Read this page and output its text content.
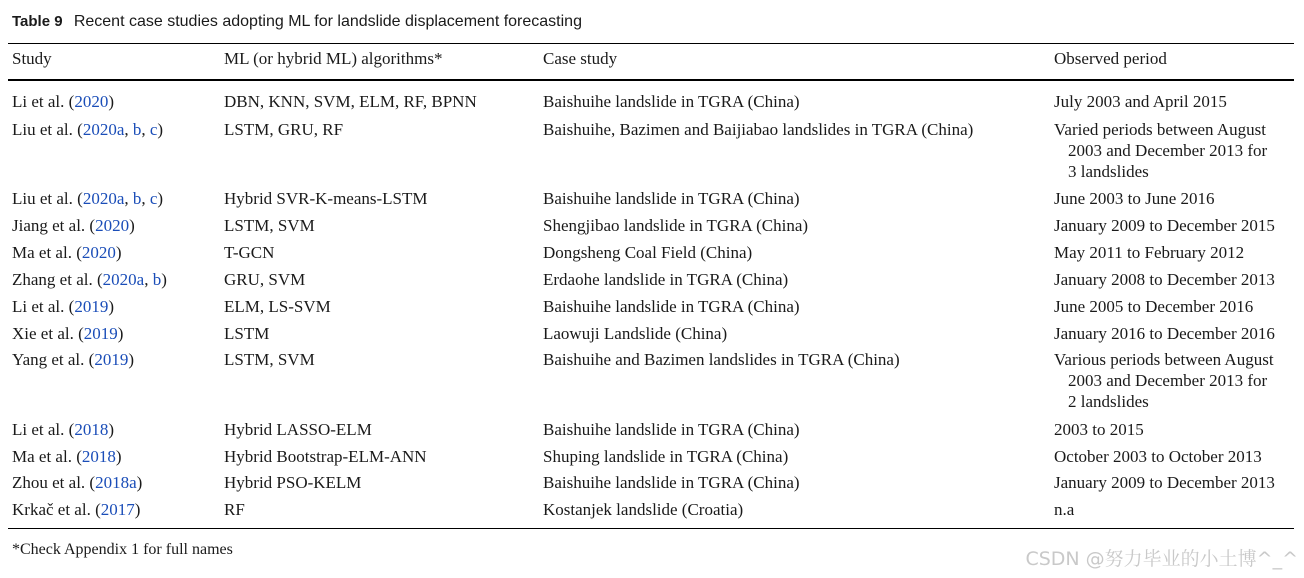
Table 9 Recent case studies adopting ML for landslide displacement forecasting
Study	ML (or hybrid ML) algorithms*	Case study	Observed period
Li et al. (2020)	DBN, KNN, SVM, ELM, RF, BPNN	Baishuihe landslide in TGRA (China)	July 2003 and April 2015
Liu et al. (2020a, b, c)	LSTM, GRU, RF	Baishuihe, Bazimen and Baijiabao landslides in TGRA (China)	Varied periods between August
2003 and December 2013 for
3 landslides
Liu et al. (2020a, b, c)	Hybrid SVR-K-means-LSTM	Baishuihe landslide in TGRA (China)	June 2003 to June 2016
Jiang et al. (2020)	LSTM, SVM	Shengjibao landslide in TGRA (China)	January 2009 to December 2015
Ma et al. (2020)	T-GCN	Dongsheng Coal Field (China)	May 2011 to February 2012
Zhang et al. (2020a, b)	GRU, SVM	Erdaohe landslide in TGRA (China)	January 2008 to December 2013
Li et al. (2019)	ELM, LS-SVM	Baishuihe landslide in TGRA (China)	June 2005 to December 2016
Xie et al. (2019)	LSTM	Laowuji Landslide (China)	January 2016 to December 2016
Yang et al. (2019)	LSTM, SVM	Baishuihe and Bazimen landslides in TGRA (China)	Various periods between August
2003 and December 2013 for
2 landslides
Li et al. (2018)	Hybrid LASSO-ELM	Baishuihe landslide in TGRA (China)	2003 to 2015
Ma et al. (2018)	Hybrid Bootstrap-ELM-ANN	Shuping landslide in TGRA (China)	October 2003 to October 2013
Zhou et al. (2018a)	Hybrid PSO-KELM	Baishuihe landslide in TGRA (China)	January 2009 to December 2013
Krkač et al. (2017)	RF	Kostanjek landslide (Croatia)	n.a
*Check Appendix 1 for full names	CSDN @努力毕业的小土博^_^
